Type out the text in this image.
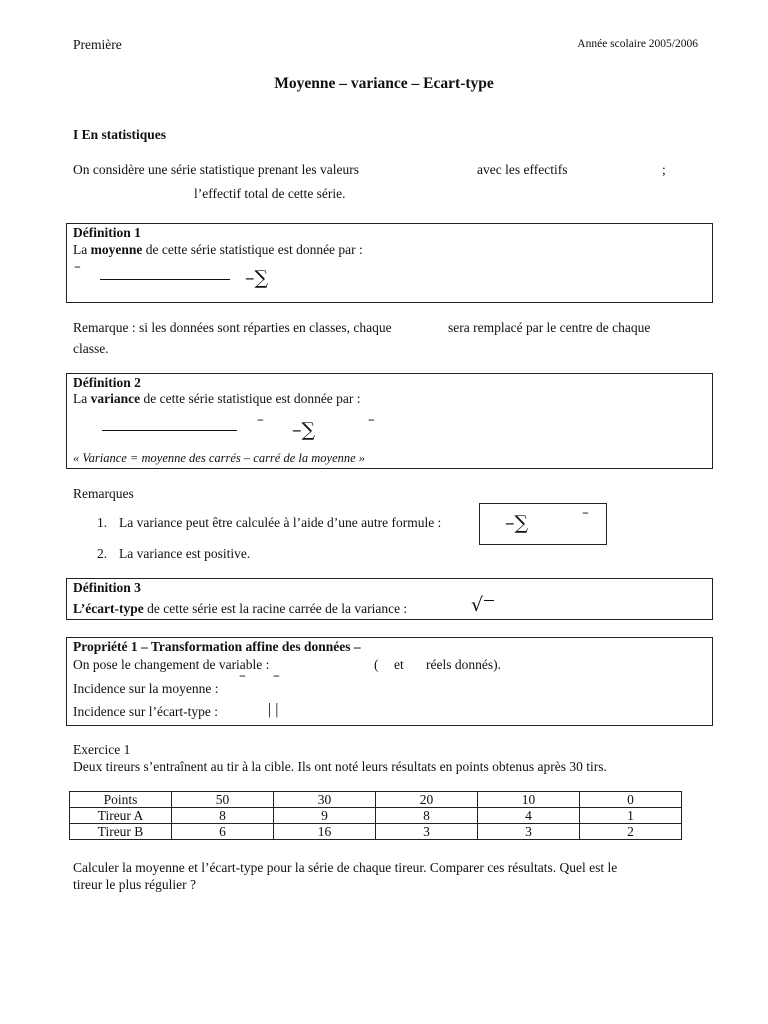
Première	Année scolaire 2005/2006
Moyenne – variance – Ecart-type
I En statistiques
On considère une série statistique prenant les valeurs	avec les effectifs	;
l’effectif total de cette série.
Définition 1
La moyenne de cette série statistique est donnée par :
–	–∑
Remarque : si les données sont réparties en classes, chaque	sera remplacé par le centre de chaque
classe.
Définition 2
La variance de cette série statistique est donnée par :
– –∑	–
« Variance = moyenne des carrés – carré de la moyenne »
Remarques
1. La variance peut être calculée à l’aide d’une autre formule :	–∑	–
2. La variance est positive.
Définition 3
L’écart-type de cette série est la racine carrée de la variance :	√
Propriété 1 – Transformation affine des données –
On pose le changement de variable :	( et réels donnés).
Incidence sur la moyenne :
– –
Incidence sur l’écart-type :	| |
Exercice 1
Deux tireurs s’entraînent au tir à la cible. Ils ont noté leurs résultats en points obtenus après 30 tirs.
Points	50	30	20	10	0
Tireur A	8	9	8	4	1
Tireur B	6	16	3	3	2
Calculer la moyenne et l’écart-type pour la série de chaque tireur. Comparer ces résultats. Quel est le
tireur le plus régulier ?
